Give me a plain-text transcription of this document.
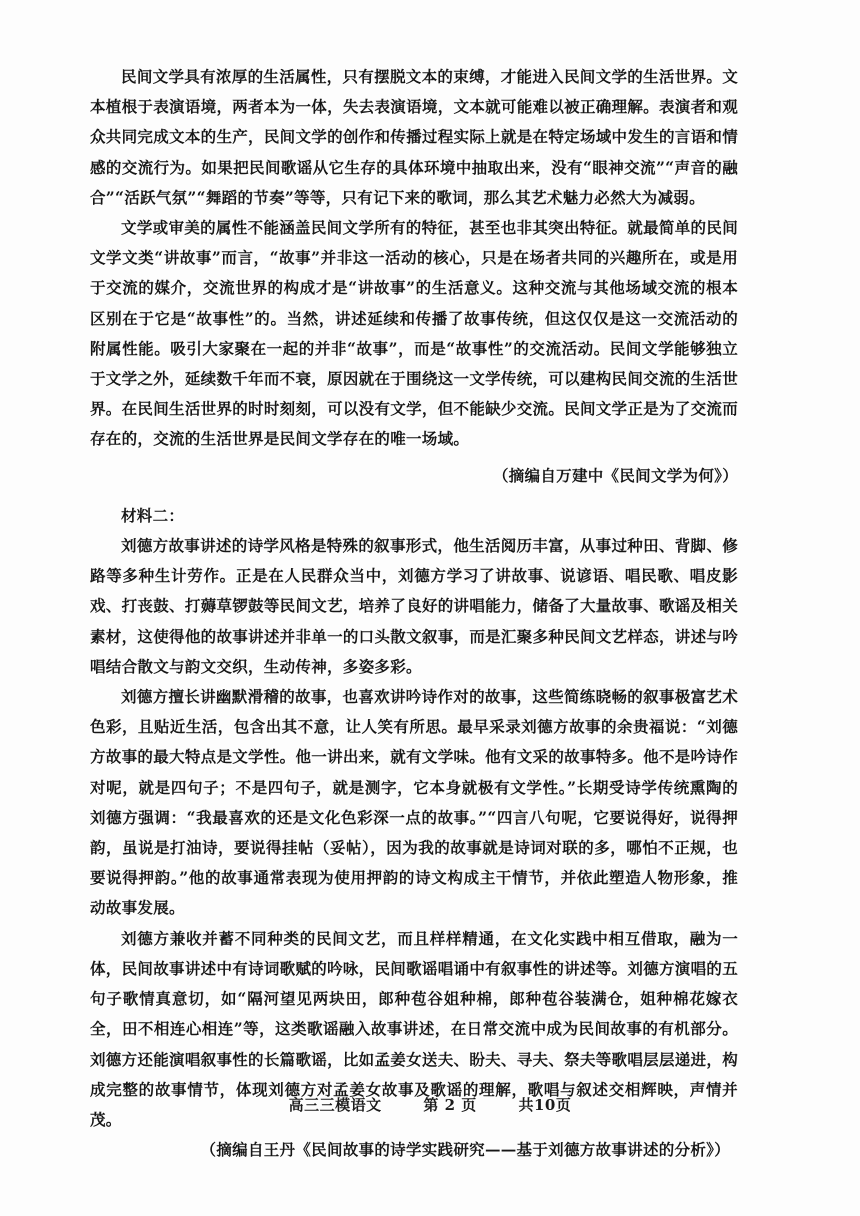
民间文学具有浓厚的生活属性，只有摆脱文本的束缚，才能进入民间文学的生活世界。文本植根于表演语境，两者本为一体，失去表演语境，文本就可能难以被正确理解。表演者和观众共同完成文本的生产，民间文学的创作和传播过程实际上就是在特定场域中发生的言语和情感的交流行为。如果把民间歌谣从它生存的具体环境中抽取出来，没有“眼神交流”“声音的融合”“活跃气氛”“舞蹈的节奏”等等，只有记下来的歌词，那么其艺术魅力必然大为减弱。

文学或审美的属性不能涵盖民间文学所有的特征，甚至也非其突出特征。就最简单的民间文学文类“讲故事”而言，“故事”并非这一活动的核心，只是在场者共同的兴趣所在，或是用于交流的媒介，交流世界的构成才是“讲故事”的生活意义。这种交流与其他场域交流的根本区别在于它是“故事性”的。当然，讲述延续和传播了故事传统，但这仅仅是这一交流活动的附属性能。吸引大家聚在一起的并非“故事”，而是“故事性”的交流活动。民间文学能够独立于文学之外，延续数千年而不衰，原因就在于围绕这一文学传统，可以建构民间交流的生活世界。在民间生活世界的时时刻刻，可以没有文学，但不能缺少交流。民间文学正是为了交流而存在的，交流的生活世界是民间文学存在的唯一场域。

（摘编自万建中《民间文学为何》）

材料二：

刘德方故事讲述的诗学风格是特殊的叙事形式，他生活阅历丰富，从事过种田、背脚、修路等多种生计劳作。正是在人民群众当中，刘德方学习了讲故事、说谚语、唱民歌、唱皮影戏、打丧鼓、打薅草锣鼓等民间文艺，培养了良好的讲唱能力，储备了大量故事、歌谣及相关素材，这使得他的故事讲述并非单一的口头散文叙事，而是汇聚多种民间文艺样态，讲述与吟唱结合散文与韵文交织，生动传神，多姿多彩。

刘德方擅长讲幽默滑稽的故事，也喜欢讲吟诗作对的故事，这些简练晓畅的叙事极富艺术色彩，且贴近生活，包含出其不意，让人笑有所思。最早采录刘德方故事的余贵福说：“刘德方故事的最大特点是文学性。他一讲出来，就有文学味。他有文采的故事特多。他不是吟诗作对呢，就是四句子；不是四句子，就是测字，它本身就极有文学性。”长期受诗学传统熏陶的刘德方强调：“我最喜欢的还是文化色彩深一点的故事。”“四言八句呢，它要说得好，说得押韵，虽说是打油诗，要说得挂帖（妥帖），因为我的故事就是诗词对联的多，哪怕不正规，也要说得押韵。”他的故事通常表现为使用押韵的诗文构成主干情节，并依此塑造人物形象，推动故事发展。

刘德方兼收并蓄不同种类的民间文艺，而且样样精通，在文化实践中相互借取，融为一体，民间故事讲述中有诗词歌赋的吟咏，民间歌谣唱诵中有叙事性的讲述等。刘德方演唱的五句子歌情真意切，如“隔河望见两块田，郎种苞谷姐种棉，郎种苞谷装满仓，姐种棉花嫁衣全，田不相连心相连”等，这类歌谣融入故事讲述，在日常交流中成为民间故事的有机部分。刘德方还能演唱叙事性的长篇歌谣，比如孟姜女送夫、盼夫、寻夫、祭夫等歌唱层层递进，构成完整的故事情节，体现刘德方对孟姜女故事及歌谣的理解，歌唱与叙述交相辉映，声情并茂。

（摘编自王丹《民间故事的诗学实践研究——基于刘德方故事讲述的分析》）

高三三模语文	第 2 页	共10页
